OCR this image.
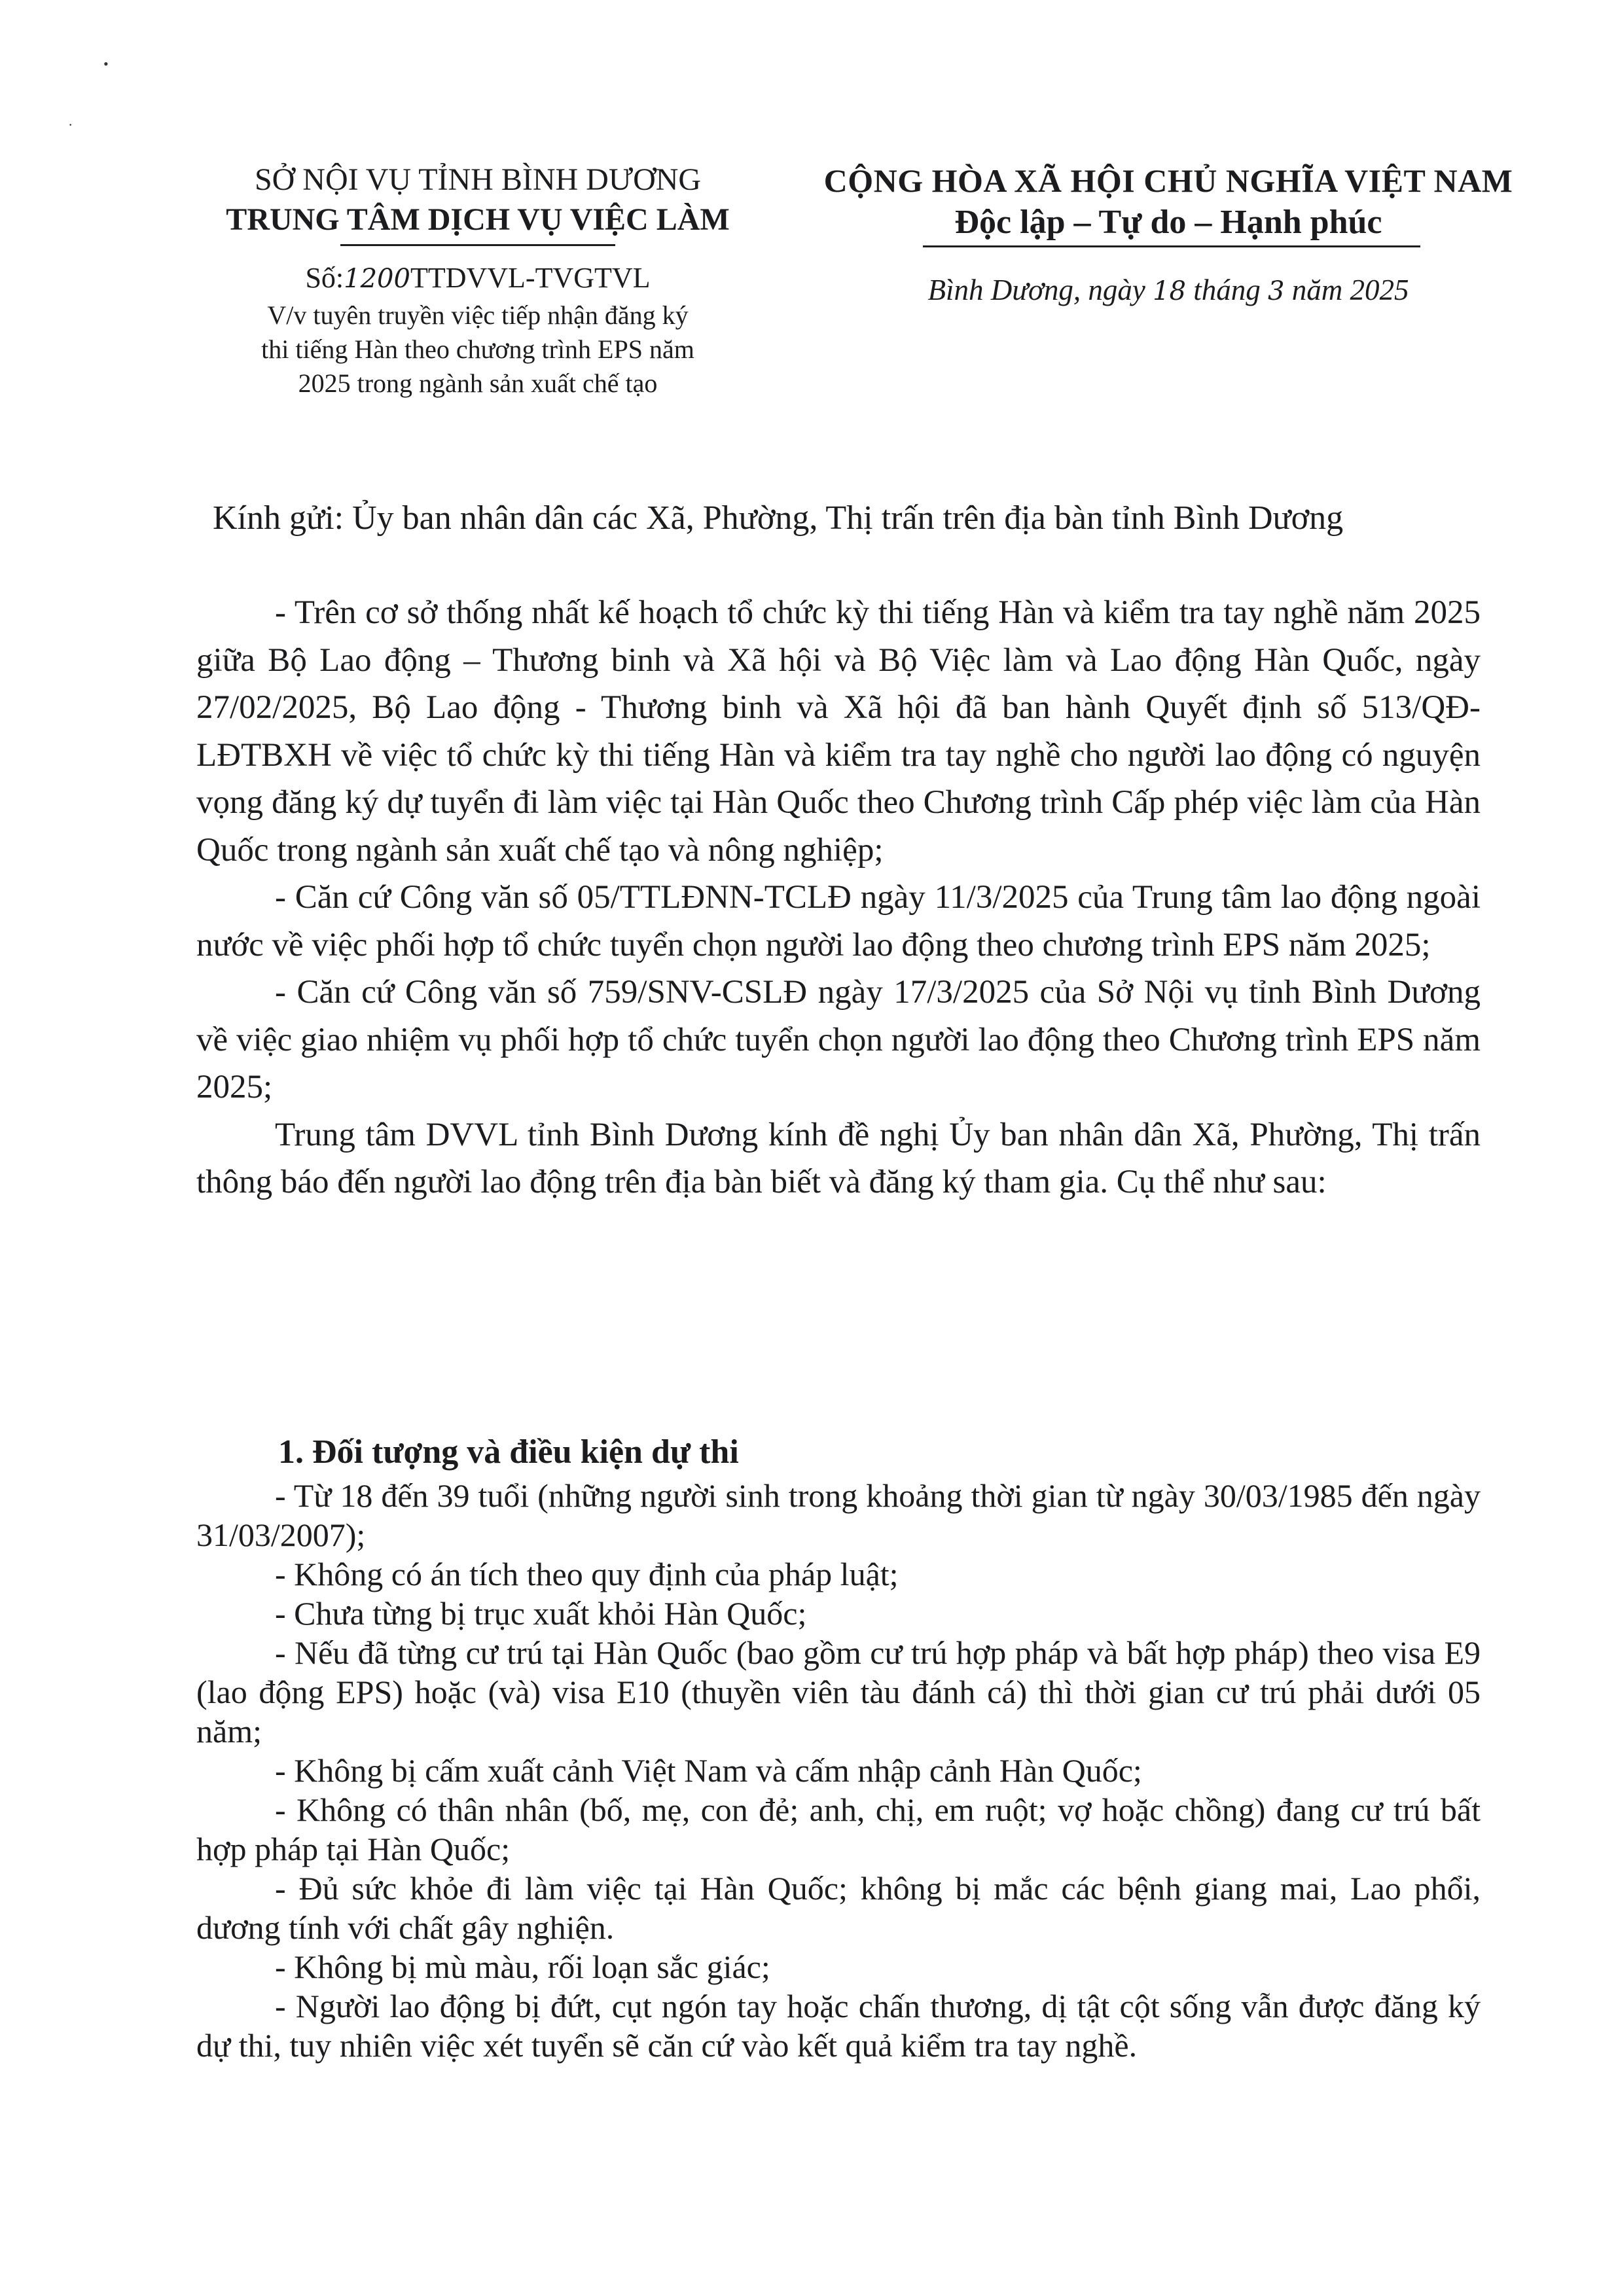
•
·
SỞ NỘI VỤ TỈNH BÌNH DƯƠNG
TRUNG TÂM DỊCH VỤ VIỆC LÀM
Số:1200TTDVVL-TVGTVL
V/v tuyên truyền việc tiếp nhận đăng ký
thi tiếng Hàn theo chương trình EPS năm
2025 trong ngành sản xuất chế tạo
CỘNG HÒA XÃ HỘI CHỦ NGHĨA VIỆT NAM
Độc lập – Tự do – Hạnh phúc
Bình Dương, ngày 18 tháng 3 năm 2025
Kính gửi: Ủy ban nhân dân các Xã, Phường, Thị trấn trên địa bàn tỉnh Bình Dương

- Trên cơ sở thống nhất kế hoạch tổ chức kỳ thi tiếng Hàn và kiểm tra tay nghề năm 2025 giữa Bộ Lao động – Thương binh và Xã hội và Bộ Việc làm và Lao động Hàn Quốc, ngày 27/02/2025, Bộ Lao động - Thương binh và Xã hội đã ban hành Quyết định số 513/QĐ-LĐTBXH về việc tổ chức kỳ thi tiếng Hàn và kiểm tra tay nghề cho người lao động có nguyện vọng đăng ký dự tuyển đi làm việc tại Hàn Quốc theo Chương trình Cấp phép việc làm của Hàn Quốc trong ngành sản xuất chế tạo và nông nghiệp;

- Căn cứ Công văn số 05/TTLĐNN-TCLĐ ngày 11/3/2025 của Trung tâm lao động ngoài nước về việc phối hợp tổ chức tuyển chọn người lao động theo chương trình EPS năm 2025;

- Căn cứ Công văn số 759/SNV-CSLĐ ngày 17/3/2025 của Sở Nội vụ tỉnh Bình Dương về việc giao nhiệm vụ phối hợp tổ chức tuyển chọn người lao động theo Chương trình EPS năm 2025;

Trung tâm DVVL tỉnh Bình Dương kính đề nghị Ủy ban nhân dân Xã, Phường, Thị trấn thông báo đến người lao động trên địa bàn biết và đăng ký tham gia. Cụ thể như sau:

1. Đối tượng và điều kiện dự thi

- Từ 18 đến 39 tuổi (những người sinh trong khoảng thời gian từ ngày 30/03/1985 đến ngày 31/03/2007);

- Không có án tích theo quy định của pháp luật;

- Chưa từng bị trục xuất khỏi Hàn Quốc;

- Nếu đã từng cư trú tại Hàn Quốc (bao gồm cư trú hợp pháp và bất hợp pháp) theo visa E9 (lao động EPS) hoặc (và) visa E10 (thuyền viên tàu đánh cá) thì thời gian cư trú phải dưới 05 năm;

- Không bị cấm xuất cảnh Việt Nam và cấm nhập cảnh Hàn Quốc;

- Không có thân nhân (bố, mẹ, con đẻ; anh, chị, em ruột; vợ hoặc chồng) đang cư trú bất hợp pháp tại Hàn Quốc;

- Đủ sức khỏe đi làm việc tại Hàn Quốc; không bị mắc các bệnh giang mai, Lao phổi, dương tính với chất gây nghiện.

- Không bị mù màu, rối loạn sắc giác;

- Người lao động bị đứt, cụt ngón tay hoặc chấn thương, dị tật cột sống vẫn được đăng ký dự thi, tuy nhiên việc xét tuyển sẽ căn cứ vào kết quả kiểm tra tay nghề.
